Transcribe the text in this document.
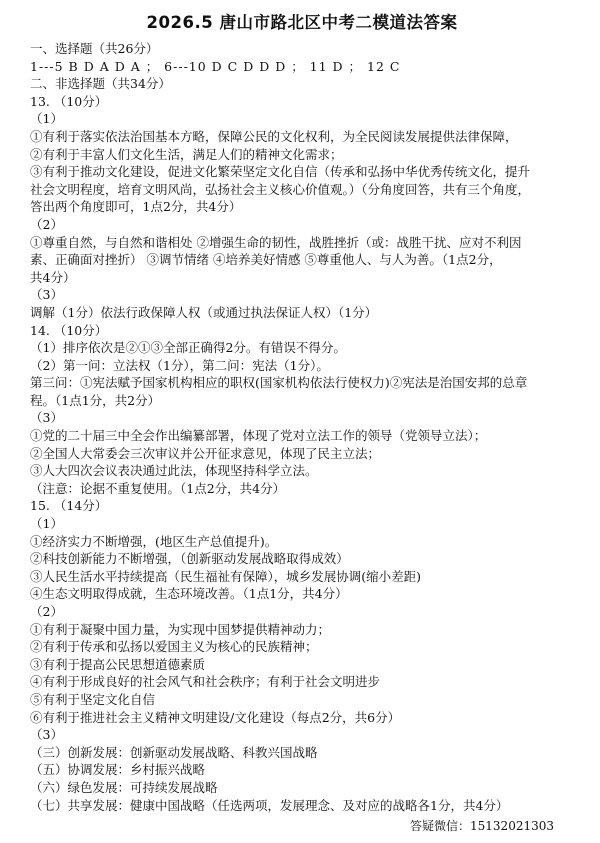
2026.5 唐山市路北区中考二模道法答案
一、选择题（共26分）
1---5 B D A D A ； 6---10 D C D D D ； 11 D ； 12 C
二、非选择题（共34分）
13. （10分）
（1）
①有利于落实依法治国基本方略，保障公民的文化权利，为全民阅读发展提供法律保障，
②有利于丰富人们文化生活，满足人们的精神文化需求；
③有利于推动文化建设，促进文化繁荣坚定文化自信（传承和弘扬中华优秀传统文化，提升
社会文明程度，培育文明风尚，弘扬社会主义核心价值观。）（分角度回答，共有三个角度，
答出两个角度即可，1点2分，共4分）
（2）
①尊重自然，与自然和谐相处 ②增强生命的韧性，战胜挫折（或：战胜干扰、应对不利因
素、正确面对挫折） ③调节情绪 ④培养美好情感 ⑤尊重他人、与人为善。（1点2分，
共4分）
（3）
调解（1分）依法行政保障人权（或通过执法保证人权）（1分）
14. （10分）
（1）排序依次是②①③全部正确得2分。有错误不得分。
（2）第一问：立法权（1分），第二问：宪法（1分）。
第三问：①宪法赋予国家机构相应的职权(国家机构依法行使权力)②宪法是治国安邦的总章
程。（1点1分，共2分）
（3）
①党的二十届三中全会作出编纂部署，体现了党对立法工作的领导（党领导立法）；
②全国人大常委会三次审议并公开征求意见，体现了民主立法；
③人大四次会议表决通过此法，体现坚持科学立法。
（注意：论据不重复使用。（1点2分，共4分）
15. （14分）
（1）
①经济实力不断增强，(地区生产总值提升)。
②科技创新能力不断增强，（创新驱动发展战略取得成效）
③人民生活水平持续提高（民生福祉有保障），城乡发展协调(缩小差距)
④生态文明取得成就，生态环境改善。（1点1分，共4分）
（2）
①有利于凝聚中国力量，为实现中国梦提供精神动力；
②有利于传承和弘扬以爱国主义为核心的民族精神；
③有利于提高公民思想道德素质
④有利于形成良好的社会风气和社会秩序；有利于社会文明进步
⑤有利于坚定文化自信
⑥有利于推进社会主义精神文明建设/文化建设（每点2分，共6分）
（3）
（三）创新发展：创新驱动发展战略、科教兴国战略
（五）协调发展：乡村振兴战略
（六）绿色发展：可持续发展战略
（七）共享发展：健康中国战略（任选两项，发展理念、及对应的战略各1分，共4分）
答疑微信：15132021303
